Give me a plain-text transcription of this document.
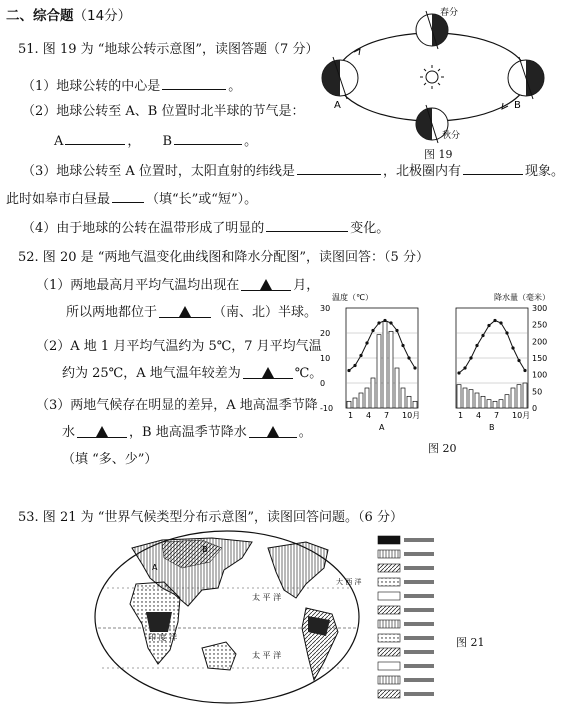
二、综合题（14分）
51. 图 19 为 “地球公转示意图”，读图答题（7 分）
（1）地球公转的中心是	。
（2）地球公转至 A、B 位置时北半球的节气是：
A	， B	。
（3）地球公转至 A 位置时，太阳直射的纬线是	，北极圈内有	现象。
此时如皋市白昼最	（填“长”或“短”）。
（4）由于地球的公转在温带形成了明显的	变化。
春分
秋分
A	B
图 19
52. 图 20 是 “两地气温变化曲线图和降水分配图”，读图回答：（5 分）
（1）两地最高月平均气温均出现在	月，
所以两地都位于	（南、北）半球。
（2）A 地 1 月平均气温约为 5℃，7 月平均气温
约为 25℃，A 地气温年较差为	℃。
（3）两地气候存在明显的差异，A 地高温季节降
水	，B 地高温季节降水	。
（填 “多、少”）
温度（℃）	降水量（毫米）
30
20
10
0
-10
300
250
200
150
100
50
0
1 4 7 10月
A
1 4 7 10月
B
图 20
53. 图 21 为 “世界气候类型分布示意图”，读图回答问题。（6 分）
印 度 洋
太 平 洋
太 平 洋
大 西 洋
A
B
图 21
